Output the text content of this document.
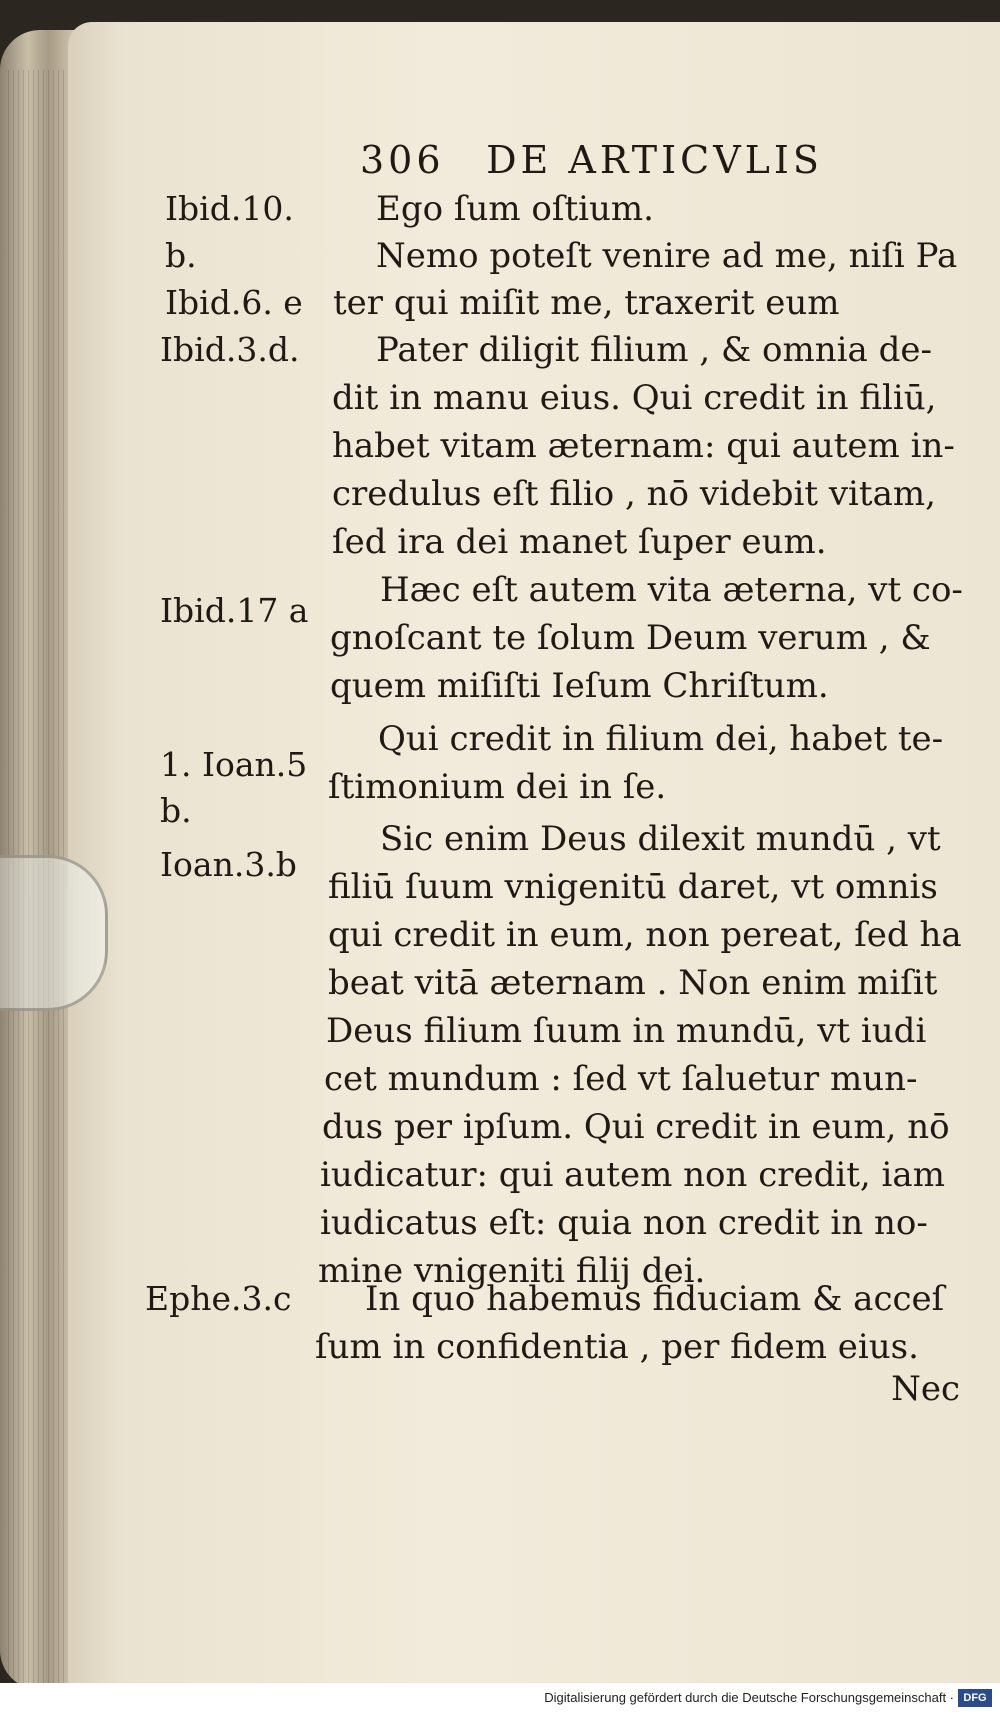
306 DE ARTICVLIS
Ibid.10.
b.
Ibid.6. e
Ibid.3.d.
Ibid.17 a
1. Ioan.5
b.
Ioan.3.b
Ephe.3.c
Ego ſum oſtium.
Nemo poteſt venire ad me, niſi Pa
ter qui miſit me, traxerit eum
Pater diligit filium , & omnia de-
dit in manu eius. Qui credit in filiū,
habet vitam æternam: qui autem in-
credulus eſt filio , nō videbit vitam,
ſed ira dei manet ſuper eum.
Hæc eſt autem vita æterna, vt co-
gnoſcant te ſolum Deum verum , &
quem miſiſti Ieſum Chriſtum.
Qui credit in filium dei, habet te-
ſtimonium dei in ſe.
Sic enim Deus dilexit mundū , vt
filiū ſuum vnigenitū daret, vt omnis
qui credit in eum, non pereat, ſed ha
beat vitā æternam . Non enim miſit
Deus filium ſuum in mundū, vt iudi
cet mundum : ſed vt ſaluetur mun-
dus per ipſum. Qui credit in eum, nō
iudicatur: qui autem non credit, iam
iudicatus eſt: quia non credit in no-
mine vnigeniti filij dei.
In quo habemus fiduciam & acceſ
ſum in confidentia , per fidem eius.
Nec
Digitalisierung gefördert durch die Deutsche Forschungsgemeinschaft · DFG
